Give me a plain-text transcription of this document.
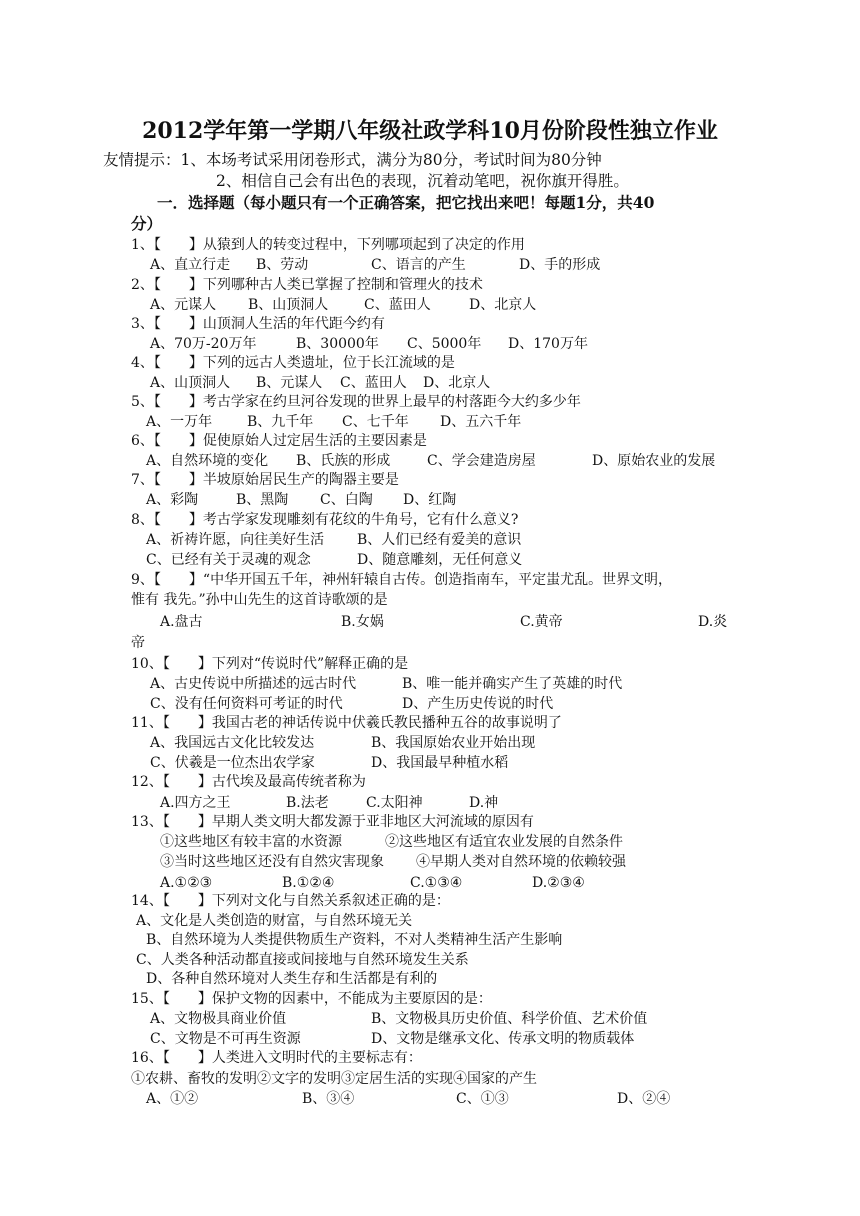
2012学年第一学期八年级社政学科10月份阶段性独立作业
友情提示：1、本场考试采用闭卷形式，满分为80分，考试时间为80分钟
2、相信自己会有出色的表现，沉着动笔吧，祝你旗开得胜。
一．选择题（每小题只有一个正确答案，把它找出来吧！每题1分，共40
分）
1、【　　】从猿到人的转变过程中，下列哪项起到了决定的作用
A、直立行走 B、劳动	C、语言的产生	D、手的形成
2、【　　】下列哪种古人类已掌握了控制和管理火的技术
A、元谋人 B、山顶洞人	C、蓝田人	D、北京人
3、【　　】山顶洞人生活的年代距今约有
A、70万-20万年	B、30000年 C、5000年 D、170万年
4、【　　】下列的远古人类遗址，位于长江流域的是
A、山顶洞人 B、元谋人 C、蓝田人 D、北京人
5、【　　】考古学家在约旦河谷发现的世界上最早的村落距今大约多少年
A、一万年 B、九千年 C、七千年 D、五六千年
6、【　　】促使原始人过定居生活的主要因素是
A、自然环境的变化 B、氏族的形成	C、学会建造房屋	D、原始农业的发展
7、【　　】半坡原始居民生产的陶器主要是
A、彩陶	B、黑陶 C、白陶 D、红陶
8、【　　】考古学家发现雕刻有花纹的牛角号，它有什么意义?
A、祈祷许愿，向往美好生活 B、人们已经有爱美的意识
C、已经有关于灵魂的观念	D、随意雕刻，无任何意义
9、【　　】“中华开国五千年，神州轩辕自古传。创造指南车，平定蚩尤乱。世界文明，
惟有 我先。”孙中山先生的这首诗歌颂的是
A.盘古	B.女娲	C.黄帝	D.炎
帝
10、【　　】下列对“传说时代”解释正确的是
A、古史传说中所描述的远古时代	B、唯一能并确实产生了英雄的时代
C、没有任何资料可考证的时代	D、产生历史传说的时代
11、【　　】我国古老的神话传说中伏羲氏教民播种五谷的故事说明了
A、我国远古文化比较发达	B、我国原始农业开始出现
C、伏羲是一位杰出农学家	D、我国最早种植水稻
12、【　　】古代埃及最高传统者称为
A.四方之王	B.法老	C.太阳神	D.神
13、【　　】早期人类文明大都发源于亚非地区大河流域的原因有
①这些地区有较丰富的水资源	②这些地区有适宜农业发展的自然条件
③当时这些地区还没有自然灾害现象 ④早期人类对自然环境的依赖较强
A.①②③	B.①②④	C.①③④	D.②③④
14、【　　】下列对文化与自然关系叙述正确的是：
A、文化是人类创造的财富，与自然环境无关
B、自然环境为人类提供物质生产资料，不对人类精神生活产生影响
C、人类各种活动都直接或间接地与自然环境发生关系
D、各种自然环境对人类生存和生活都是有利的
15、【　　】保护文物的因素中，不能成为主要原因的是：
A、文物极具商业价值	B、文物极具历史价值、科学价值、艺术价值
C、文物是不可再生资源	D、文物是继承文化、传承文明的物质载体
16、【　　】人类进入文明时代的主要标志有：
①农耕、畜牧的发明②文字的发明③定居生活的实现④国家的产生
A、①②	B、③④	C、①③	D、②④
